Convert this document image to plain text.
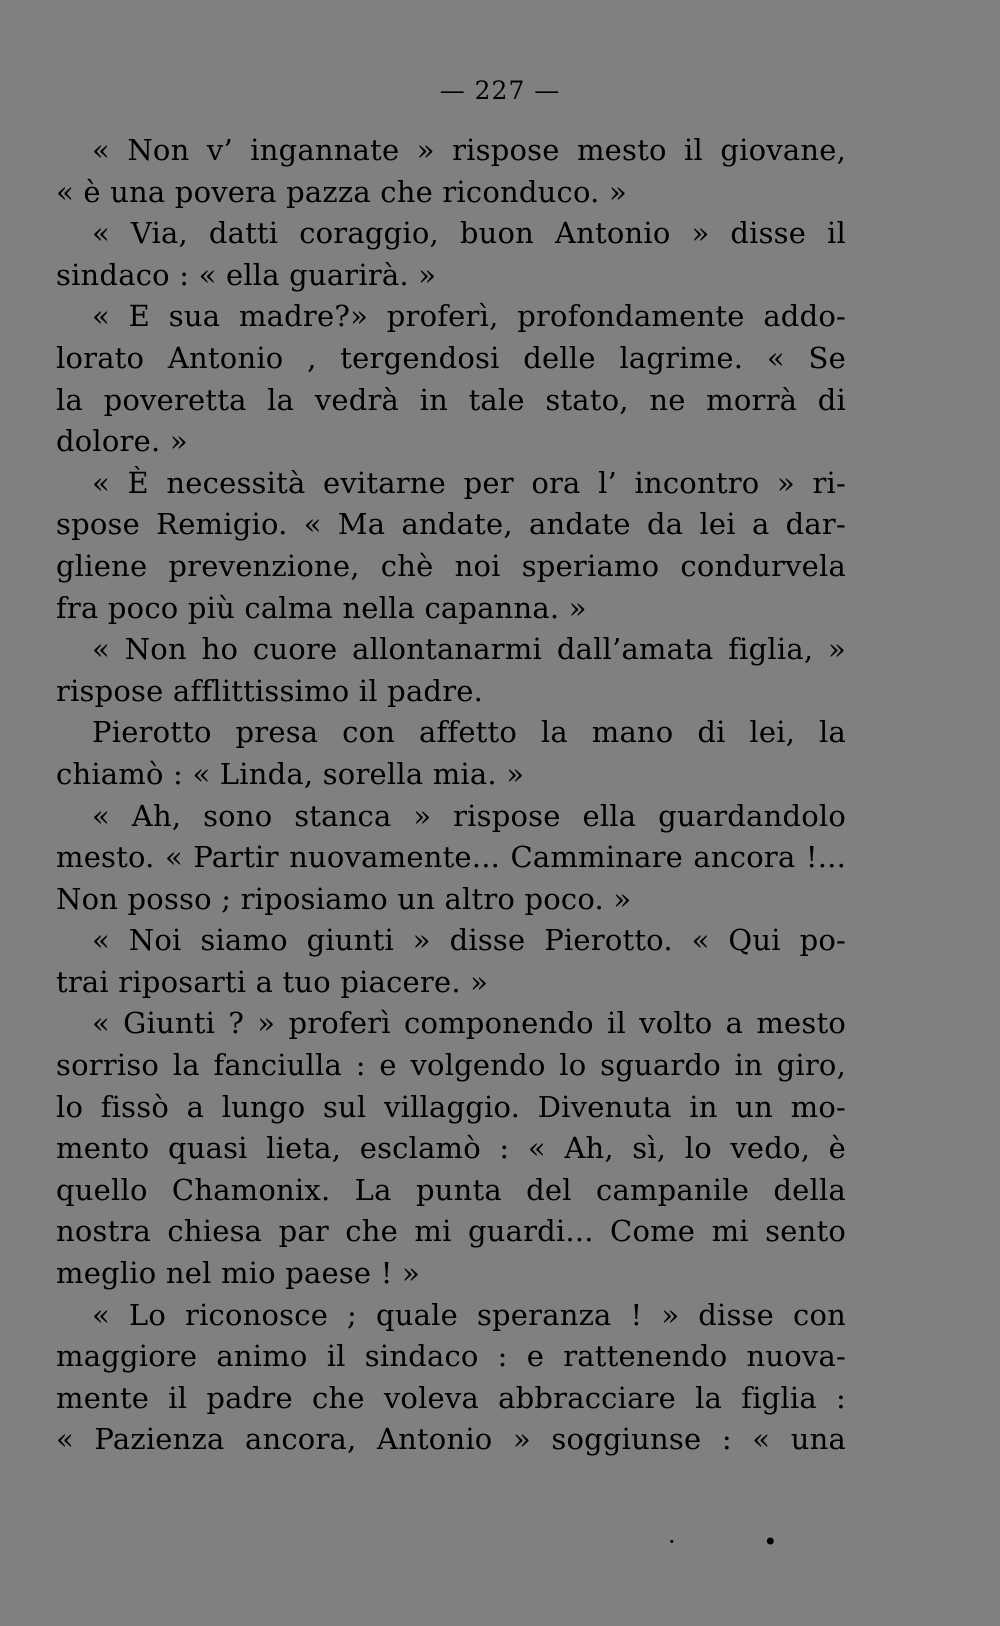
— 227 —
« Non v’ ingannate » rispose mesto il giovane,
« è una povera pazza che riconduco. »
« Via, datti coraggio, buon Antonio » disse il
sindaco : « ella guarirà. »
« E sua madre?» proferì, profondamente addo-
lorato Antonio , tergendosi delle lagrime. « Se
la poveretta la vedrà in tale stato, ne morrà di
dolore. »
« È necessità evitarne per ora l’ incontro » ri-
spose Remigio. « Ma andate, andate da lei a dar-
gliene prevenzione, chè noi speriamo condurvela
fra poco più calma nella capanna. »
« Non ho cuore allontanarmi dall’amata figlia, »
rispose afflittissimo il padre.
Pierotto presa con affetto la mano di lei, la
chiamò : « Linda, sorella mia. »
« Ah, sono stanca » rispose ella guardandolo
mesto. « Partir nuovamente... Camminare ancora !...
Non posso ; riposiamo un altro poco. »
« Noi siamo giunti » disse Pierotto. « Qui po-
trai riposarti a tuo piacere. »
« Giunti ? » proferì componendo il volto a mesto
sorriso la fanciulla : e volgendo lo sguardo in giro,
lo fissò a lungo sul villaggio. Divenuta in un mo-
mento quasi lieta, esclamò : « Ah, sì, lo vedo, è
quello Chamonix. La punta del campanile della
nostra chiesa par che mi guardi... Come mi sento
meglio nel mio paese ! »
« Lo riconosce ; quale speranza ! » disse con
maggiore animo il sindaco : e rattenendo nuova-
mente il padre che voleva abbracciare la figlia :
« Pazienza ancora, Antonio » soggiunse : « una
· •
